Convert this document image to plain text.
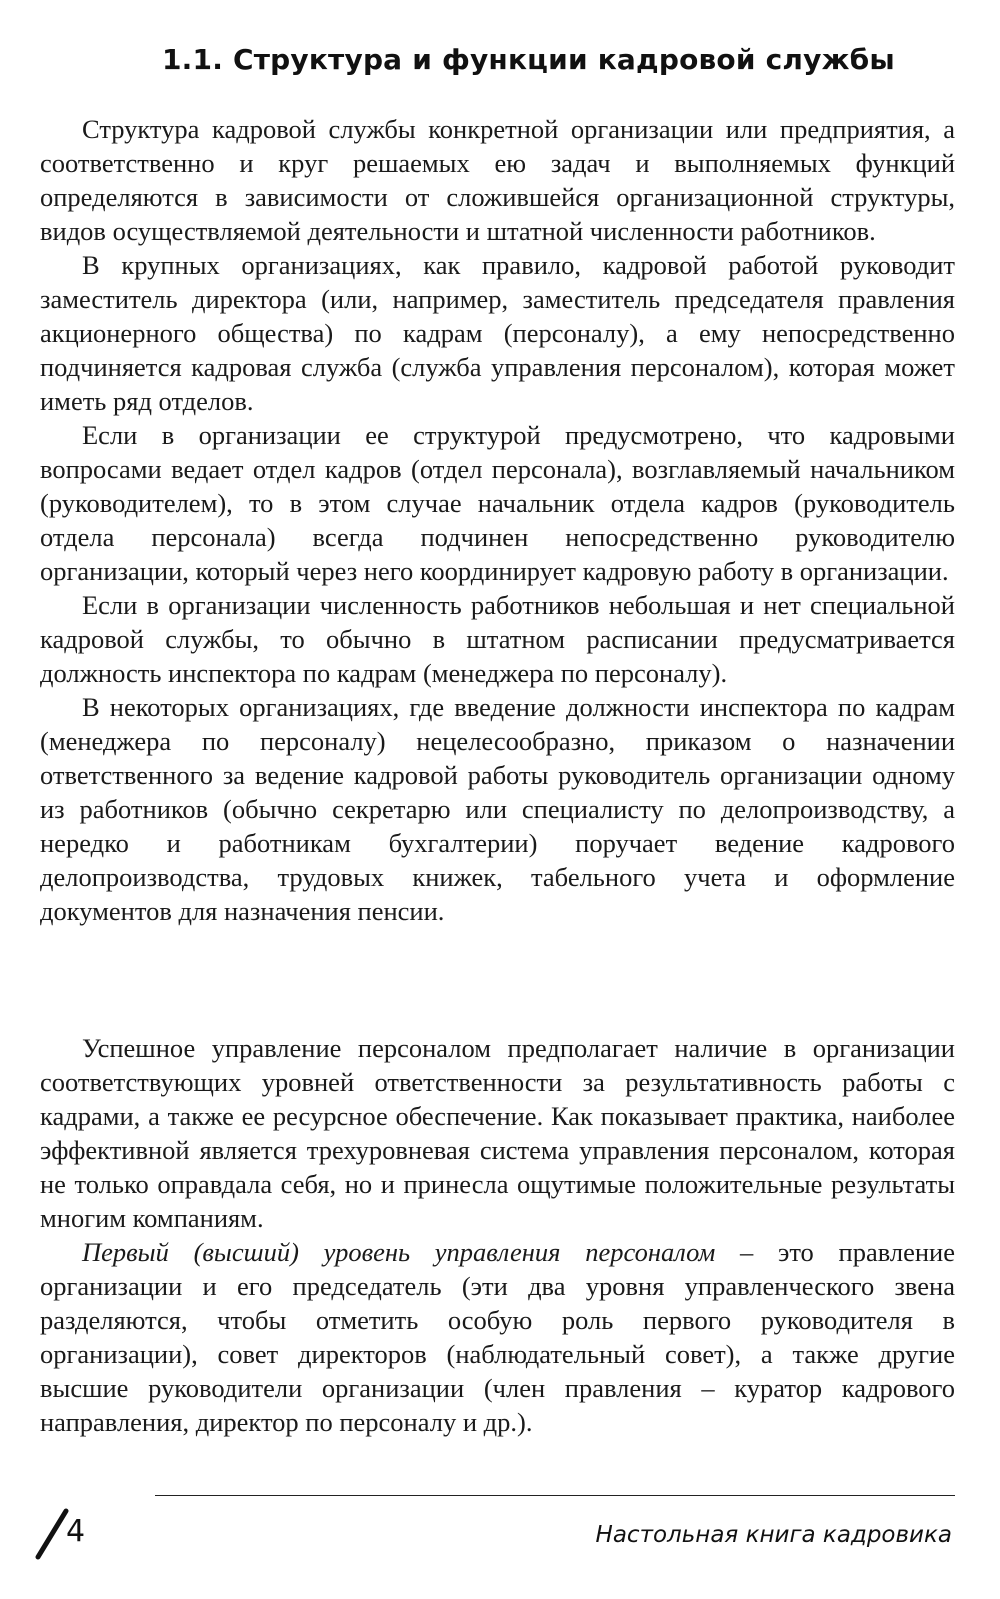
1.1. Структура и функции кадровой службы

Структура кадровой службы конкретной организации или предприятия, а соответственно и круг решаемых ею задач и выполняемых функций определяются в зависимости от сложившейся организационной структуры, видов осуществляемой деятельности и штатной численности работников.

В крупных организациях, как правило, кадровой работой руководит заместитель директора (или, например, заместитель председателя правления акционерного общества) по кадрам (персоналу), а ему непосредственно подчиняется кадровая служба (служба управления персоналом), которая может иметь ряд отделов.

Если в организации ее структурой предусмотрено, что кадровыми вопросами ведает отдел кадров (отдел персонала), возглавляемый начальником (руководителем), то в этом случае начальник отдела кадров (руководитель отдела персонала) всегда подчинен непосредственно руководителю организации, который через него координирует кадровую работу в организации.

Если в организации численность работников небольшая и нет специальной кадровой службы, то обычно в штатном расписании предусматривается должность инспектора по кадрам (менеджера по персоналу).

В некоторых организациях, где введение должности инспектора по кадрам (менеджера по персоналу) нецелесообразно, приказом о назначении ответственного за ведение кадровой работы руководитель организации одному из работников (обычно секретарю или специалисту по делопроизводству, а нередко и работникам бухгалтерии) поручает ведение кадрового делопроизводства, трудовых книжек, табельного учета и оформление документов для назначения пенсии.

Успешное управление персоналом предполагает наличие в организации соответствующих уровней ответственности за результативность работы с кадрами, а также ее ресурсное обеспечение. Как показывает практика, наиболее эффективной является трехуровневая система управления персоналом, которая не только оправдала себя, но и принесла ощутимые положительные результаты многим компаниям.

Первый (высший) уровень управления персоналом – это правление организации и его председатель (эти два уровня управленческого звена разделяются, чтобы отметить особую роль первого руководителя в организации), совет директоров (наблюдательный совет), а также другие высшие руководители организации (член правления – куратор кадрового направления, директор по персоналу и др.).

4	Настольная книга кадровика
